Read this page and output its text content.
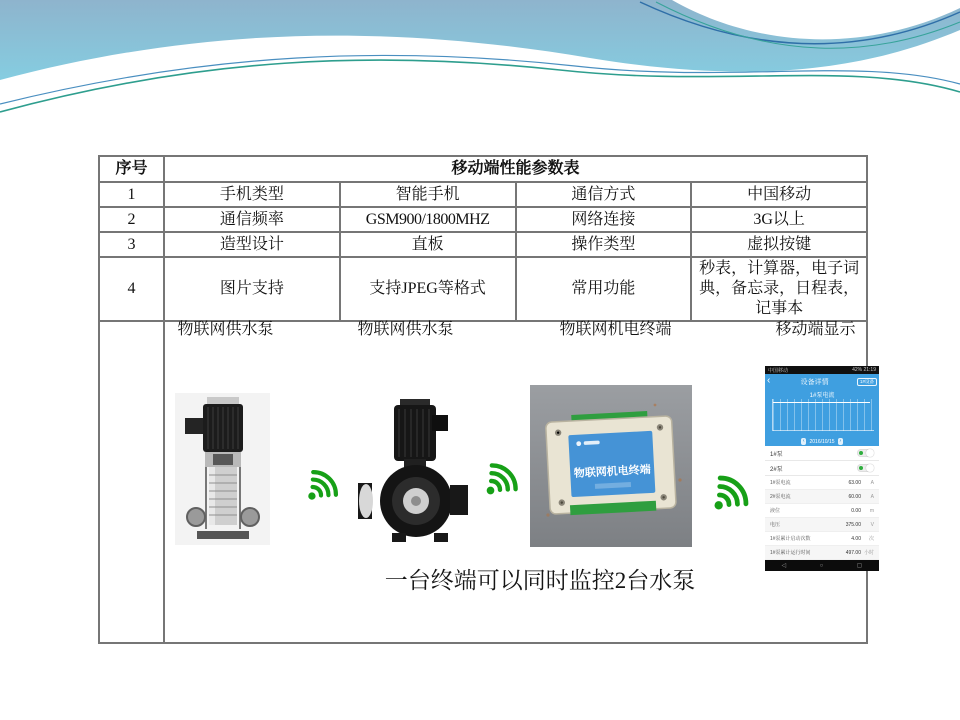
序号	移动端性能参数表			
1	手机类型	智能手机	通信方式	中国移动
2	通信频率	GSM900/1800MHZ	网络连接	3G以上
3	造型设计	直板	操作类型	虚拟按键
4	图片支持	支持JPEG等格式	常用功能	秒表，计算器，电子词典，备忘录，日程表，记事本

物联网供水泵	物联网供水泵	物联网机电终端	移动端显示
物联网机电终端
中国移动	42% 21:19
‹	设备详情	1#设备
1#泵电流
‹	2016/10/15	›
1#泵
2#泵
1#泵电流	63.00	A
2#泵电流	60.00	A
液位	0.00	m
电压	375.00	V
1#泵累计启动次数	4.00	次
1#泵累计运行时间	497.00 小时
◁	○	▢
一台终端可以同时监控2台水泵
